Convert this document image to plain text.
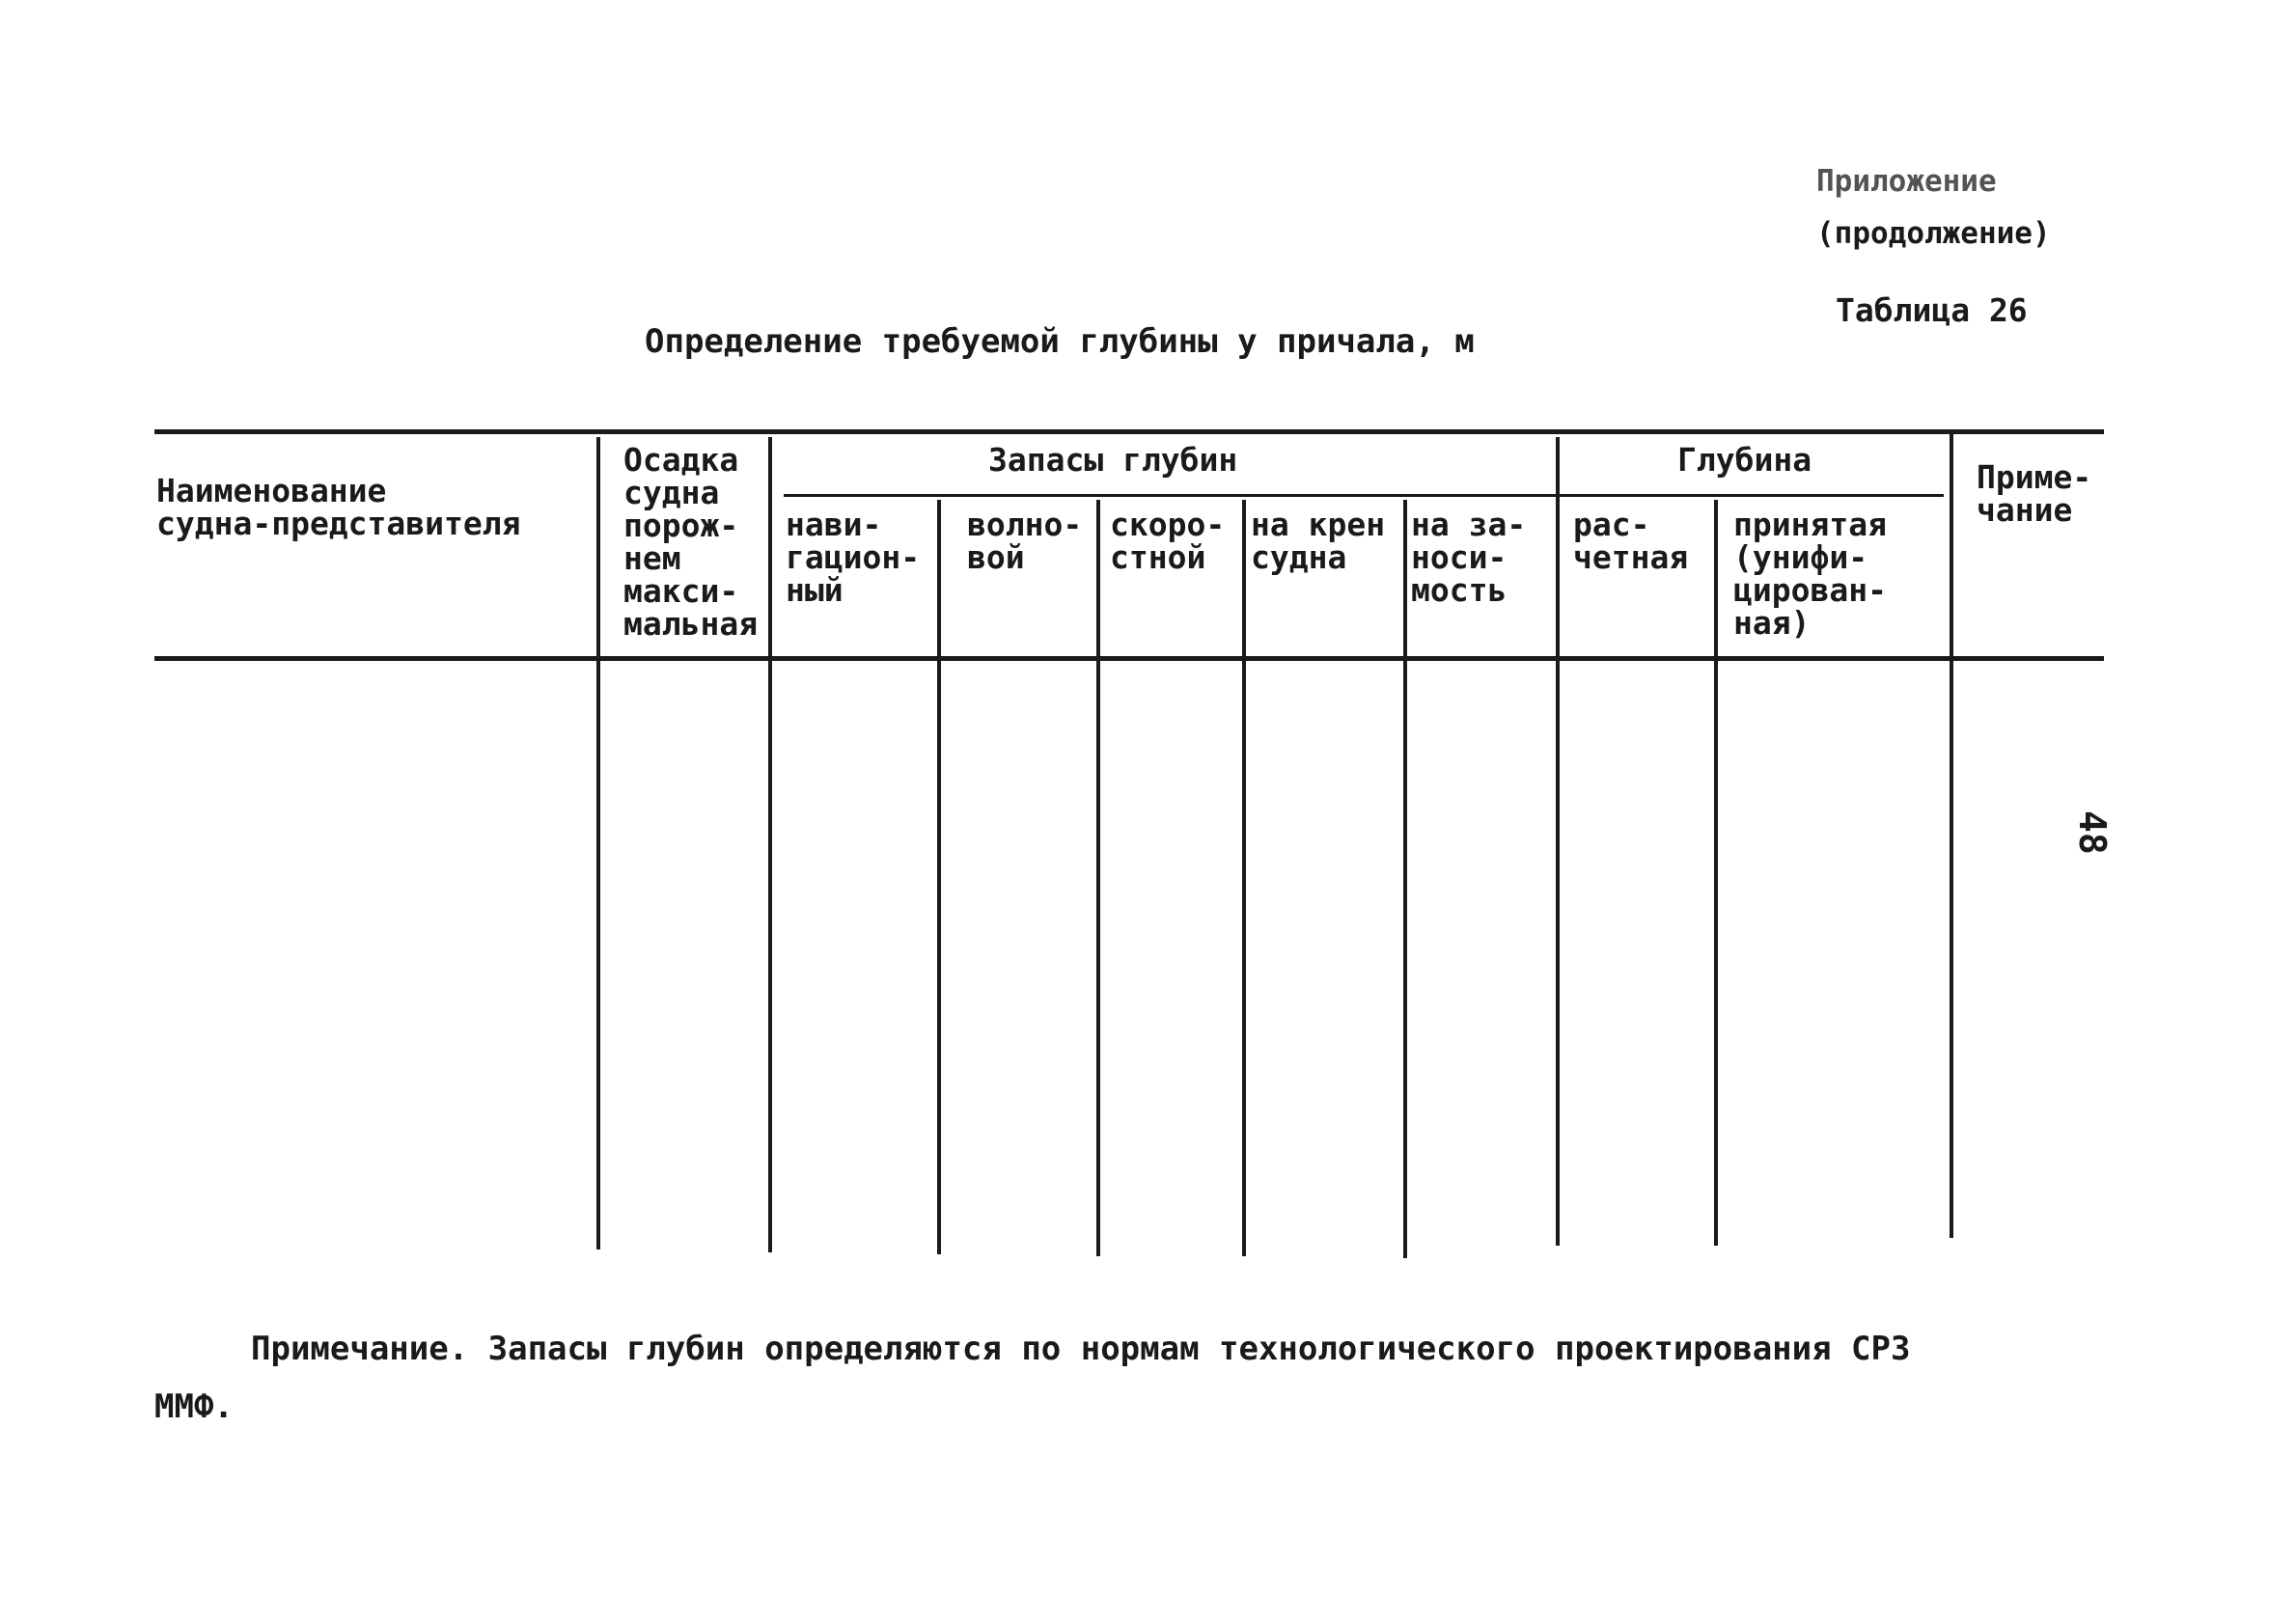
Приложение
(продолжение)
Таблица 26
Определение требуемой глубины у причала, м
48
Наименование
судна-представителя
Осадка
судна
порож-
нем
макси-
мальная
Запасы глубин
нави-
гацион-
ный
волно-
вой
скоро-
стной
на крен
судна
на за-
носи-
мость
Глубина
рас-
четная
принятая
(унифи-
цирован-
ная)
Приме-
чание
Примечание. Запасы глубин определяются по нормам технологического проектирования СРЗ ММФ.
